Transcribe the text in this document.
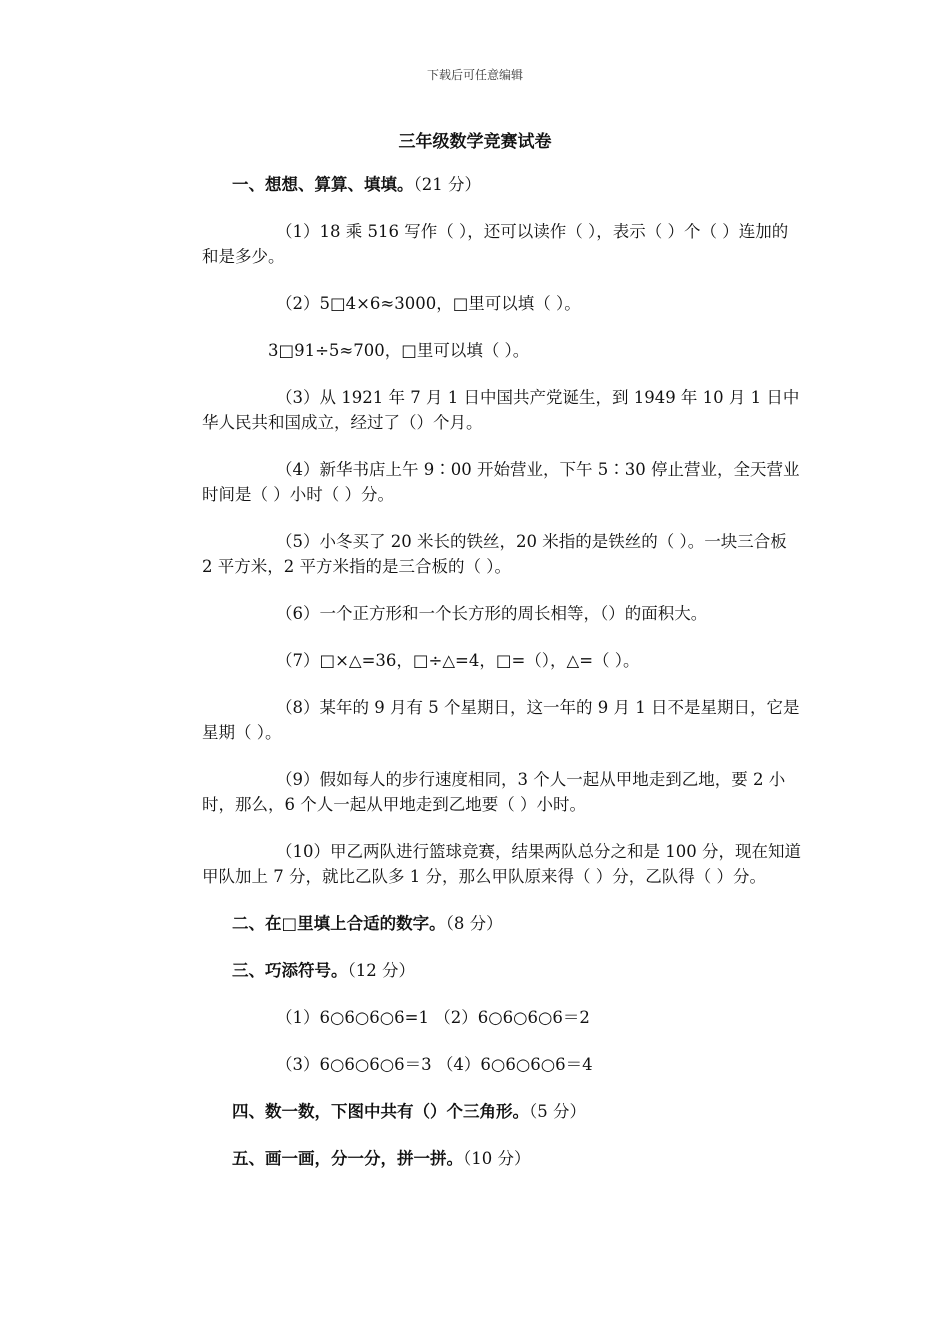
下载后可任意编辑
三年级数学竞赛试卷
一、想想、算算、填填。（21 分）
（1）18 乘 516 写作（ ），还可以读作（ ），表示（ ）个（ ）连加的和是多少。
（2）5□4×6≈3000，□里可以填（ ）。
3□91÷5≈700，□里可以填（ ）。
（3）从 1921 年 7 月 1 日中国共产党诞生，到 1949 年 10 月 1 日中华人民共和国成立，经过了（）个月。
（4）新华书店上午 9∶00 开始营业，下午 5∶30 停止营业，全天营业时间是（ ）小时（ ）分。
（5）小冬买了 20 米长的铁丝，20 米指的是铁丝的（ ）。一块三合板 2 平方米，2 平方米指的是三合板的（ ）。
（6）一个正方形和一个长方形的周长相等，（）的面积大。
（7）□×△=36，□÷△=4，□=（），△=（ ）。
（8）某年的 9 月有 5 个星期日，这一年的 9 月 1 日不是星期日，它是星期（ ）。
（9）假如每人的步行速度相同，3 个人一起从甲地走到乙地，要 2 小时，那么，6 个人一起从甲地走到乙地要（ ）小时。
（10）甲乙两队进行篮球竞赛，结果两队总分之和是 100 分，现在知道甲队加上 7 分，就比乙队多 1 分，那么甲队原来得（ ）分，乙队得（ ）分。
二、在□里填上合适的数字。（8 分）
三、巧添符号。（12 分）
（1）6○6○6○6=1 （2）6○6○6○6＝2
（3）6○6○6○6＝3 （4）6○6○6○6＝4
四、数一数，下图中共有（）个三角形。（5 分）
五、画一画，分一分，拼一拼。（10 分）
